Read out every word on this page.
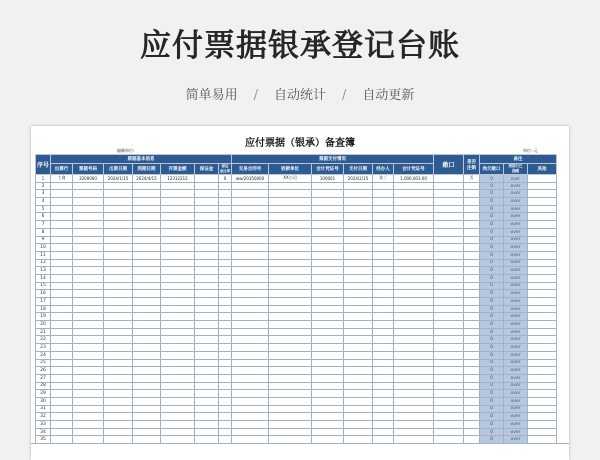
应付票据银承登记台账
简单易用 / 自动统计 / 自动更新
应付票据（银承）备查簿
编制单位:	单位: 元
序号	票据基本信息							票据支付情况						敞口	是否
注销	备注		
	出票行	票据号码	出票日期	到期日期	开票金额	保证金	保证
金比率	交易合同号	收款单位	会计凭证号	支付日期	经办人	会计凭证号			尚欠敞口	到期日已
提醒	其他
1	工商	3200000	2024/1/15	2024/4/15	12312312		0	ww/20150000	XX公司	100001	2024/2/15	张三	1,000,003.00		否	0	over	
2																0	over	
3																0	over	
4																0	over	
5																0	over	
6																0	over	
7																0	over	
8																0	over	
9																0	over	
10																0	over	
11																0	over	
12																0	over	
13																0	over	
14																0	over	
15																0	over	
16																0	over	
17																0	over	
18																0	over	
19																0	over	
20																0	over	
21																0	over	
22																0	over	
23																0	over	
24																0	over	
25																0	over	
26																0	over	
27																0	over	
28																0	over	
29																0	over	
30																0	over	
31																0	over	
32																0	over	
33																0	over	
34																0	over	
35																0	over	
